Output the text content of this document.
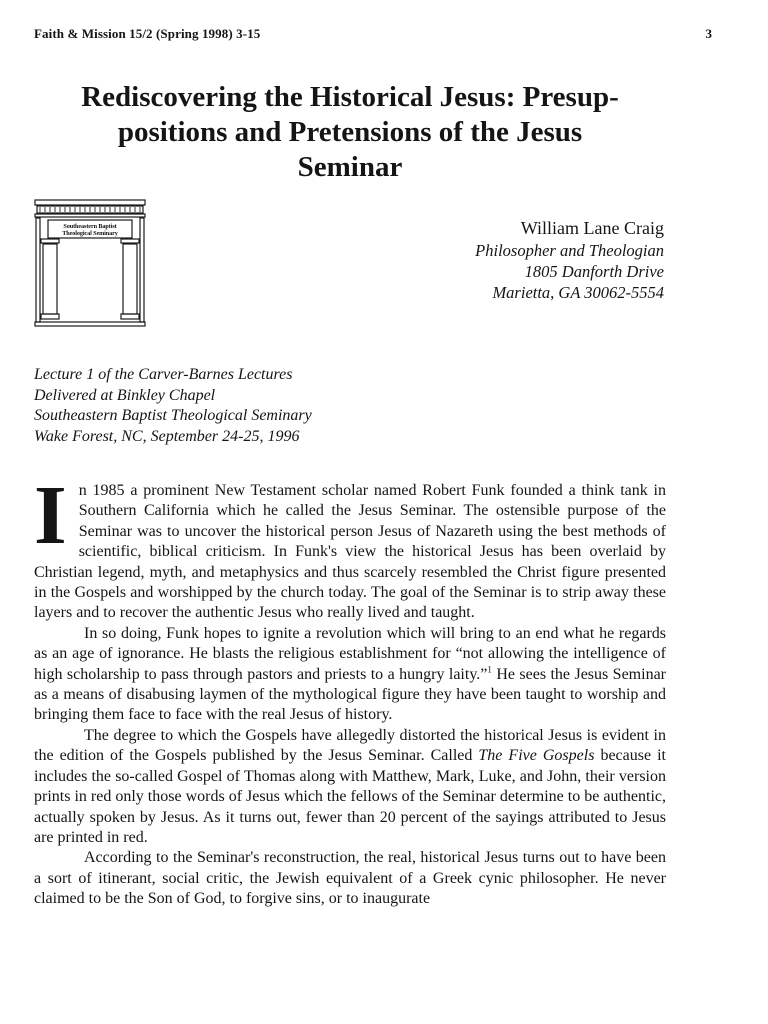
Faith & Mission 15/2 (Spring 1998) 3-15	3
Rediscovering the Historical Jesus: Presup-
positions and Pretensions of the Jesus
Seminar
Southeastern Baptist
Theological Seminary	William Lane Craig
Philosopher and Theologian
1805 Danforth Drive
Marietta, GA 30062-5554
Lecture 1 of the Carver-Barnes Lectures
Delivered at Binkley Chapel
Southeastern Baptist Theological Seminary
Wake Forest, NC, September 24-25, 1996

In 1985 a prominent New Testament scholar named Robert Funk founded a think tank in Southern California which he called the Jesus Seminar. The ostensible purpose of the Seminar was to uncover the historical person Jesus of Nazareth using the best methods of scientific, biblical criticism. In Funk's view the historical Jesus has been overlaid by Christian legend, myth, and metaphysics and thus scarcely resembled the Christ figure presented in the Gospels and worshipped by the church today. The goal of the Seminar is to strip away these layers and to recover the authentic Jesus who really lived and taught.

In so doing, Funk hopes to ignite a revolution which will bring to an end what he regards as an age of ignorance. He blasts the religious establishment for “not allowing the intelligence of high scholarship to pass through pastors and priests to a hungry laity.”$^1$ He sees the Jesus Seminar as a means of disabusing laymen of the mythological figure they have been taught to worship and bringing them face to face with the real Jesus of history.

The degree to which the Gospels have allegedly distorted the historical Jesus is evident in the edition of the Gospels published by the Jesus Seminar. Called The Five Gospels because it includes the so-called Gospel of Thomas along with Matthew, Mark, Luke, and John, their version prints in red only those words of Jesus which the fellows of the Seminar determine to be authentic, actually spoken by Jesus. As it turns out, fewer than 20 percent of the sayings attributed to Jesus are printed in red.

According to the Seminar's reconstruction, the real, historical Jesus turns out to have been a sort of itinerant, social critic, the Jewish equivalent of a Greek cynic philosopher. He never claimed to be the Son of God, to forgive sins, or to inaugurate
